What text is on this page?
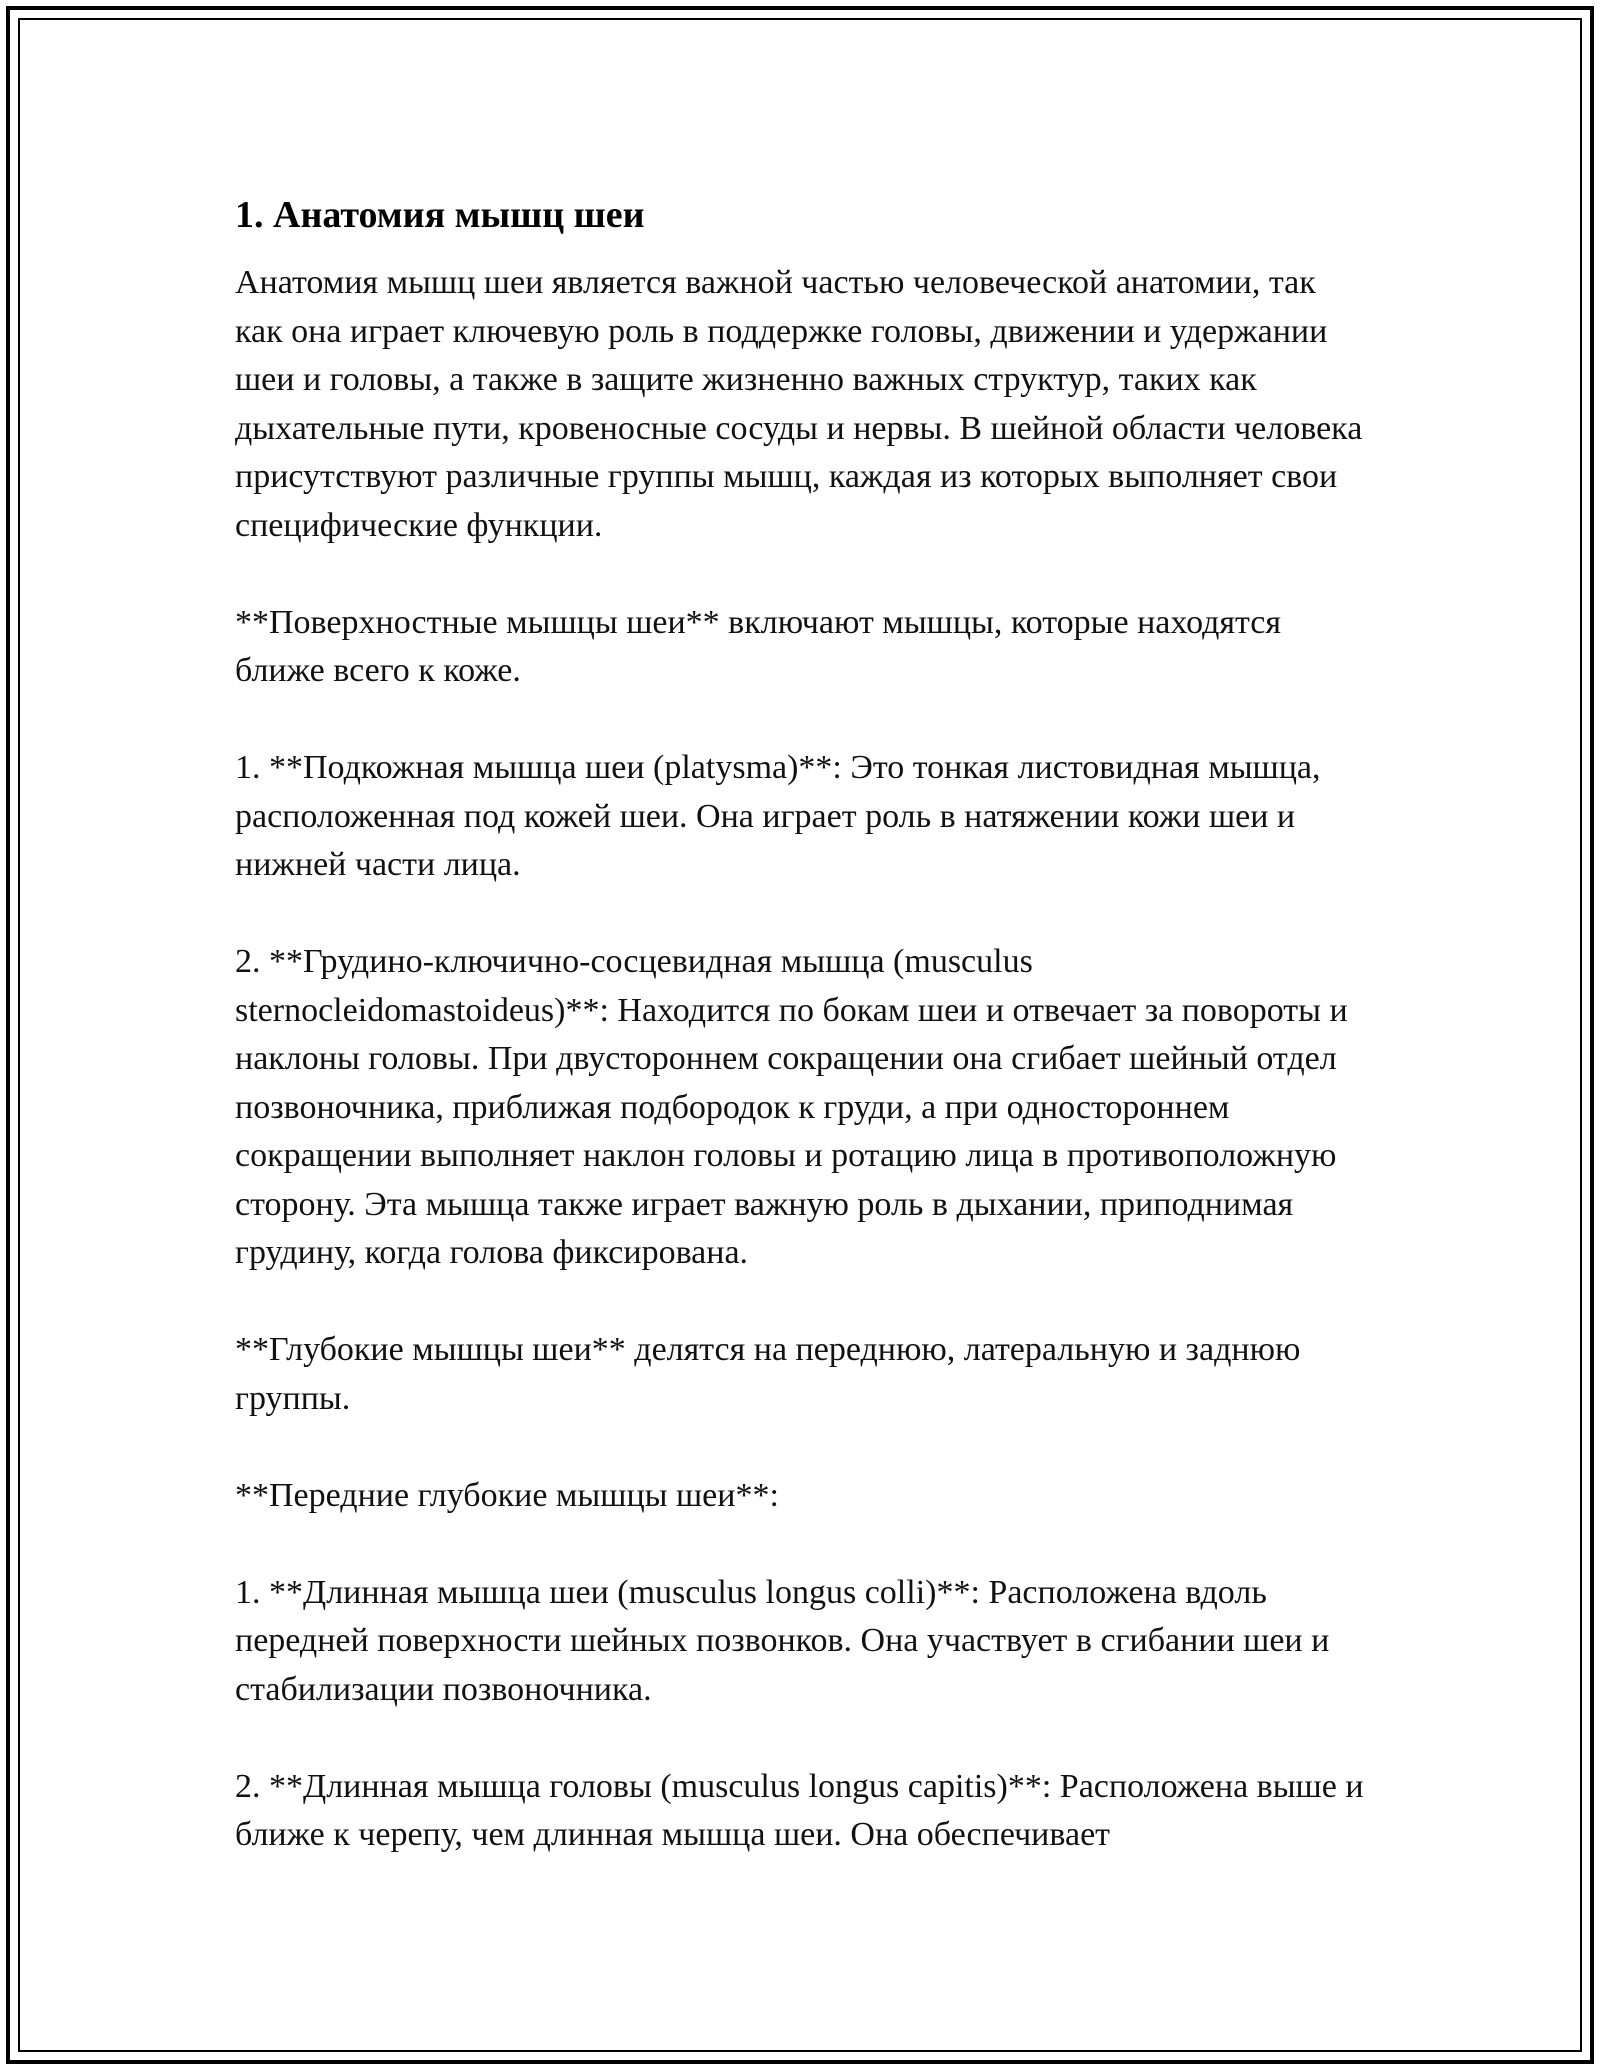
1. Анатомия мышц шеи

Анатомия мышц шеи является важной частью человеческой анатомии, так как она играет ключевую роль в поддержке головы, движении и удержании шеи и головы, а также в защите жизненно важных структур, таких как дыхательные пути, кровеносные сосуды и нервы. В шейной области человека присутствуют различные группы мышц, каждая из которых выполняет свои специфические функции.

**Поверхностные мышцы шеи** включают мышцы, которые находятся ближе всего к коже.

1. **Подкожная мышца шеи (platysma)**: Это тонкая листовидная мышца, расположенная под кожей шеи. Она играет роль в натяжении кожи шеи и нижней части лица.

2. **Грудино-ключично-сосцевидная мышца (musculus sternocleidomastoideus)**: Находится по бокам шеи и отвечает за повороты и наклоны головы. При двустороннем сокращении она сгибает шейный отдел позвоночника, приближая подбородок к груди, а при одностороннем сокращении выполняет наклон головы и ротацию лица в противоположную сторону. Эта мышца также играет важную роль в дыхании, приподнимая грудину, когда голова фиксирована.

**Глубокие мышцы шеи** делятся на переднюю, латеральную и заднюю группы.

**Передние глубокие мышцы шеи**:

1. **Длинная мышца шеи (musculus longus colli)**: Расположена вдоль передней поверхности шейных позвонков. Она участвует в сгибании шеи и стабилизации позвоночника.

2. **Длинная мышца головы (musculus longus capitis)**: Расположена выше и ближе к черепу, чем длинная мышца шеи. Она обеспечивает
